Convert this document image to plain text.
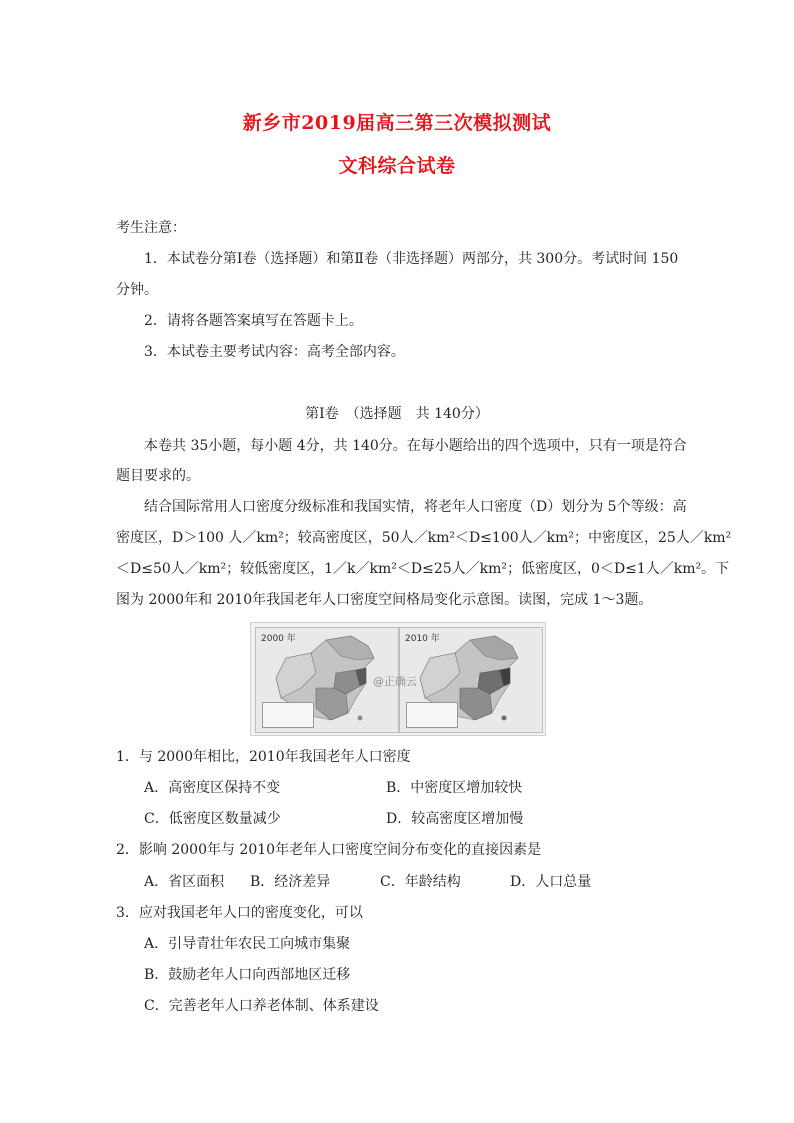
新乡市2019届高三第三次模拟测试
文科综合试卷
考生注意：
1．本试卷分第Ⅰ卷（选择题）和第Ⅱ卷（非选择题）两部分，共 300分。考试时间 150
分钟。
2．请将各题答案填写在答题卡上。
3．本试卷主要考试内容：高考全部内容。
第Ⅰ卷　（选择题　共 140分）
本卷共 35小题，每小题 4分，共 140分。在每小题给出的四个选项中，只有一项是符合
题目要求的。
结合国际常用人口密度分级标准和我国实情，将老年人口密度（D）划分为 5个等级：高
密度区，D＞100 人／km²；较高密度区，50人／km²＜D≤100人／km²；中密度区，25人／km²
＜D≤50人／km²；较低密度区，1／k／km²＜D≤25人／km²；低密度区，0＜D≤1人／km²。下
图为 2000年和 2010年我国老年人口密度空间格局变化示意图。读图，完成 1～3题。
2000 年	2010 年
@正确云
1．与 2000年相比，2010年我国老年人口密度
A．高密度区保持不变	B．中密度区增加较快
C．低密度区数量减少	D．较高密度区增加慢
2．影响 2000年与 2010年老年人口密度空间分布变化的直接因素是
A．省区面积 B．经济差异	C．年龄结构	D．人口总量
3．应对我国老年人口的密度变化，可以
A．引导青壮年农民工向城市集聚
B．鼓励老年人口向西部地区迁移
C．完善老年人口养老体制、体系建设
